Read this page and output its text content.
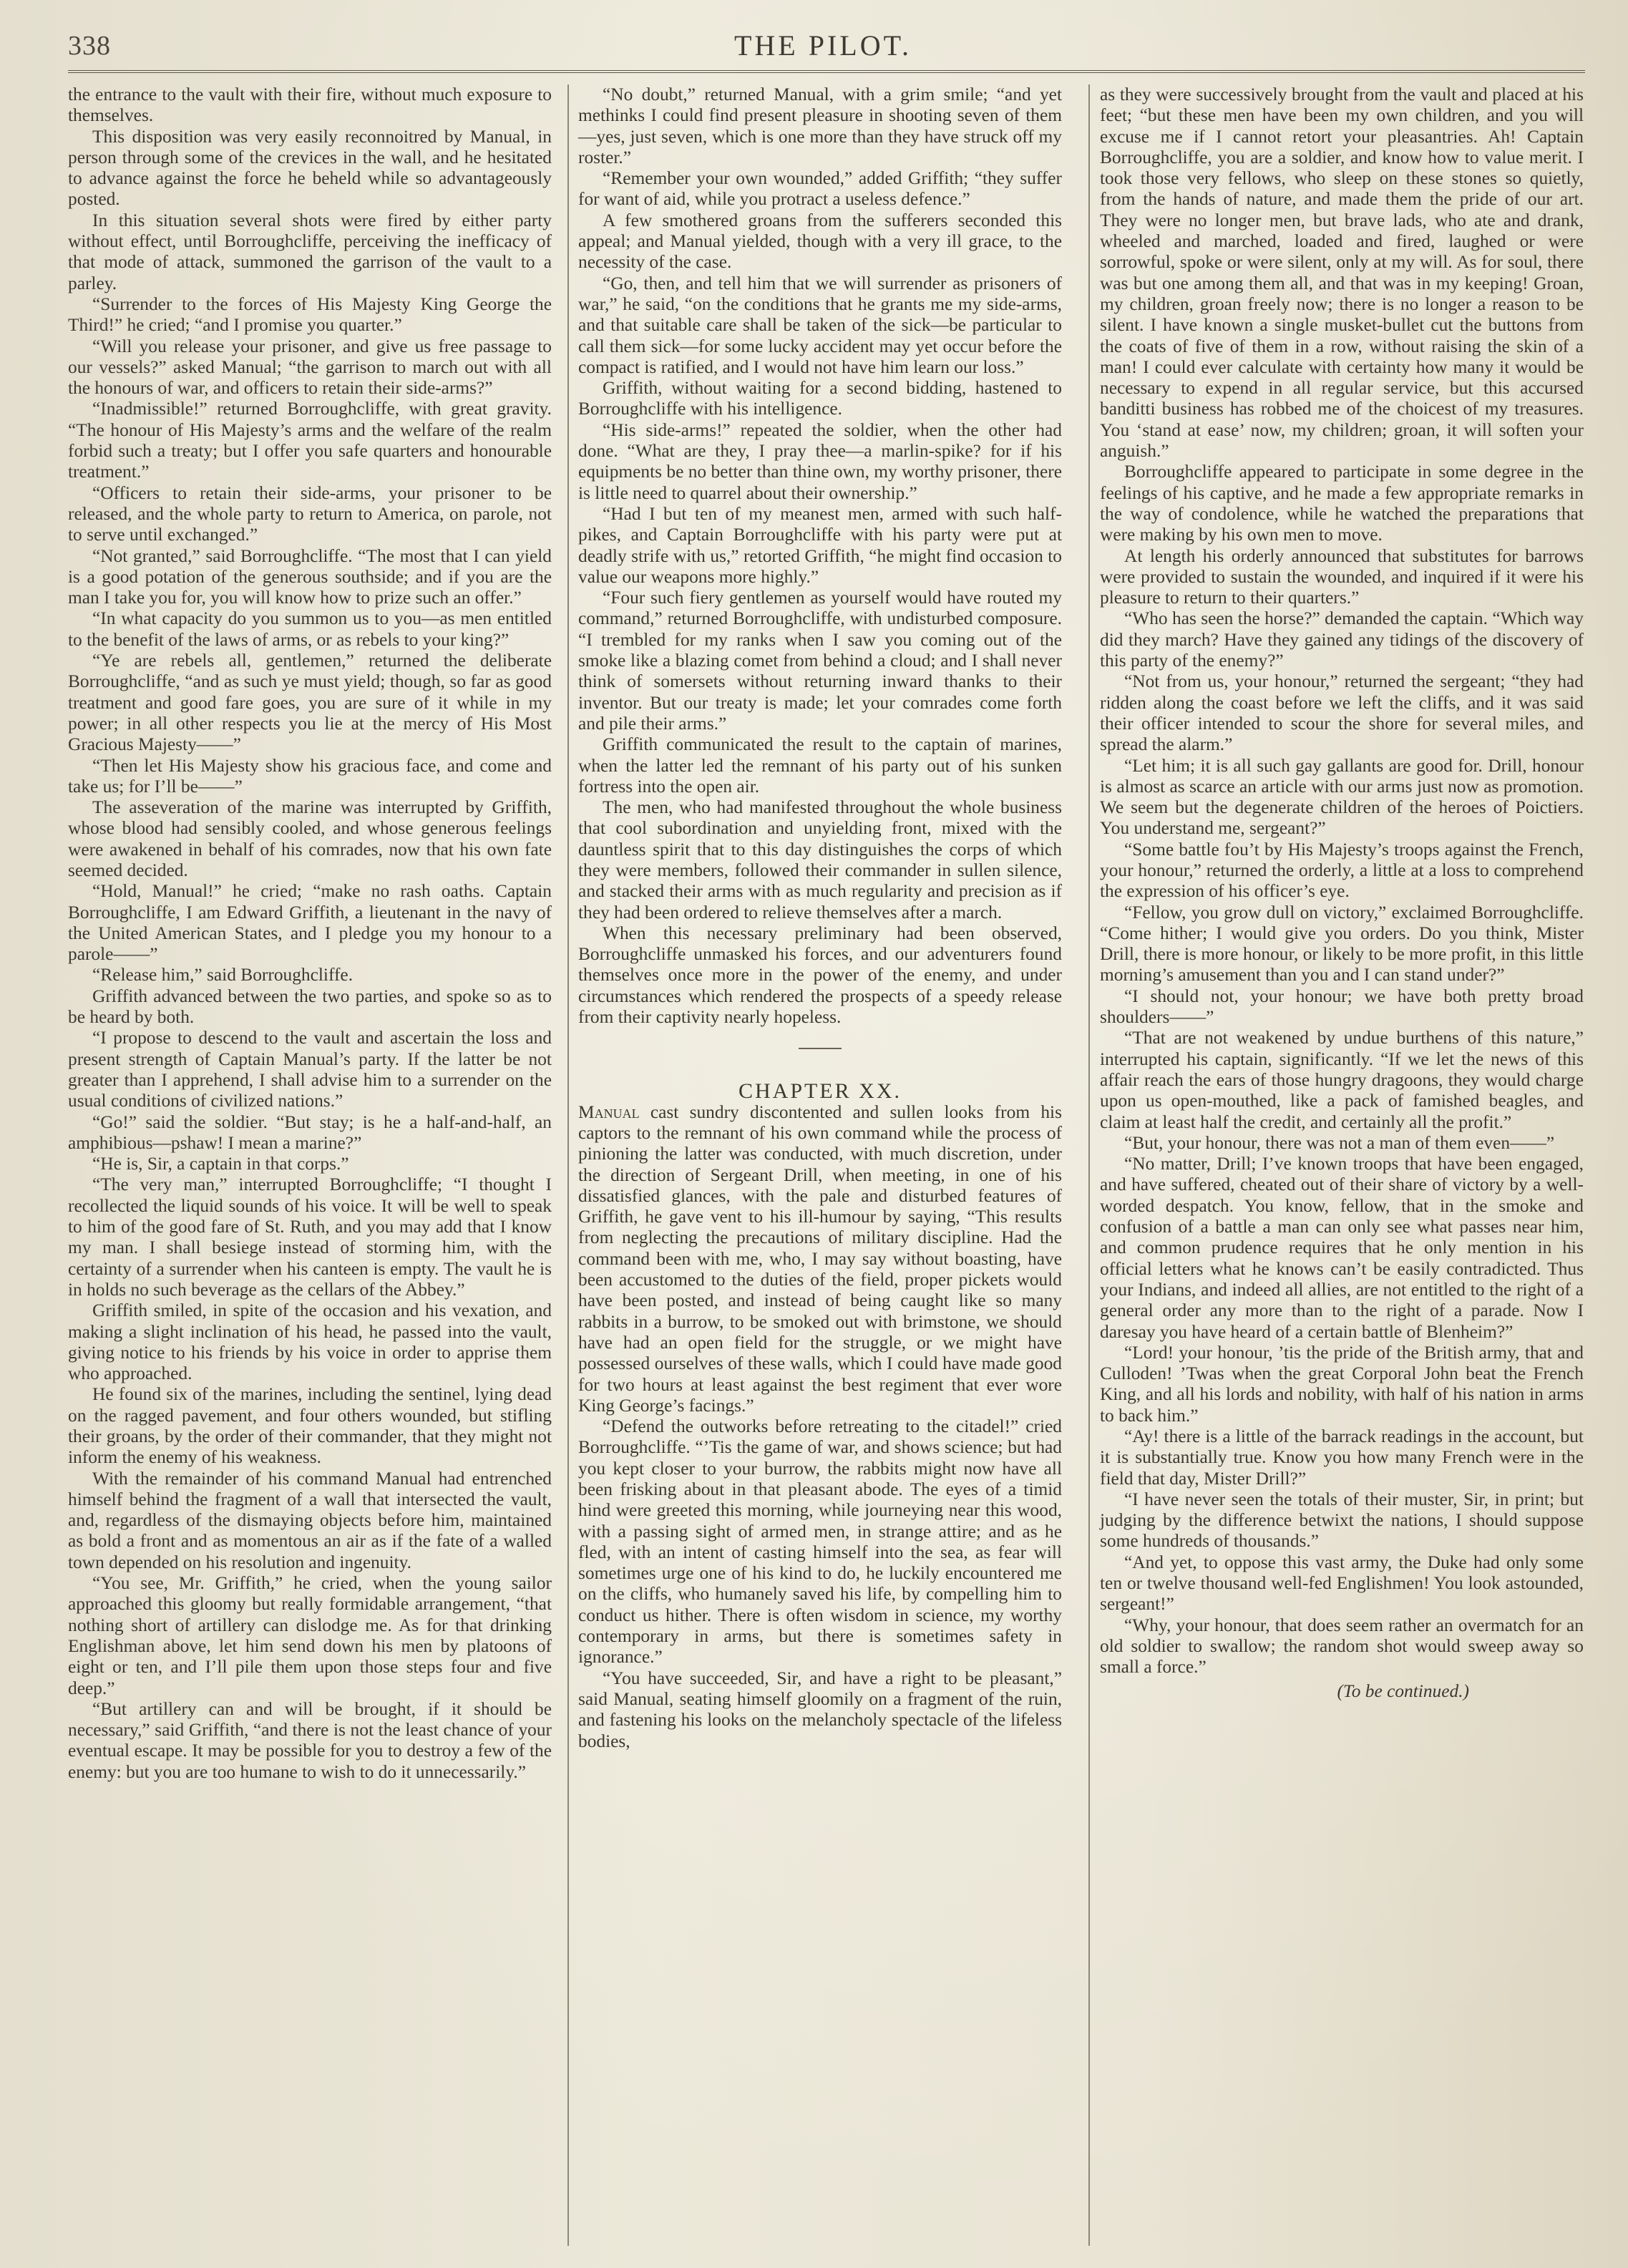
338	THE PILOT.

the entrance to the vault with their fire, without much exposure to themselves.

This disposition was very easily reconnoitred by Manual, in person through some of the crevices in the wall, and he hesitated to advance against the force he beheld while so advantageously posted.

In this situation several shots were fired by either party without effect, until Borroughcliffe, perceiving the inefficacy of that mode of attack, summoned the garrison of the vault to a parley.

“Surrender to the forces of His Majesty King George the Third!” he cried; “and I promise you quarter.”

“Will you release your prisoner, and give us free passage to our vessels?” asked Manual; “the garrison to march out with all the honours of war, and officers to retain their side-arms?”

“Inadmissible!” returned Borroughcliffe, with great gravity. “The honour of His Majesty’s arms and the welfare of the realm forbid such a treaty; but I offer you safe quarters and honourable treatment.”

“Officers to retain their side-arms, your prisoner to be released, and the whole party to return to America, on parole, not to serve until exchanged.”

“Not granted,” said Borroughcliffe. “The most that I can yield is a good potation of the generous southside; and if you are the man I take you for, you will know how to prize such an offer.”

“In what capacity do you summon us to you—as men entitled to the benefit of the laws of arms, or as rebels to your king?”

“Ye are rebels all, gentlemen,” returned the deliberate Borroughcliffe, “and as such ye must yield; though, so far as good treatment and good fare goes, you are sure of it while in my power; in all other respects you lie at the mercy of His Most Gracious Majesty——”

“Then let His Majesty show his gracious face, and come and take us; for I’ll be——”

The asseveration of the marine was interrupted by Griffith, whose blood had sensibly cooled, and whose generous feelings were awakened in behalf of his comrades, now that his own fate seemed decided.

“Hold, Manual!” he cried; “make no rash oaths. Captain Borroughcliffe, I am Edward Griffith, a lieutenant in the navy of the United American States, and I pledge you my honour to a parole——”

“Release him,” said Borroughcliffe.

Griffith advanced between the two parties, and spoke so as to be heard by both.

“I propose to descend to the vault and ascertain the loss and present strength of Captain Manual’s party. If the latter be not greater than I apprehend, I shall advise him to a surrender on the usual conditions of civilized nations.”

“Go!” said the soldier. “But stay; is he a half-and-half, an amphibious—pshaw! I mean a marine?”

“He is, Sir, a captain in that corps.”

“The very man,” interrupted Borroughcliffe; “I thought I recollected the liquid sounds of his voice. It will be well to speak to him of the good fare of St. Ruth, and you may add that I know my man. I shall besiege instead of storming him, with the certainty of a surrender when his canteen is empty. The vault he is in holds no such beverage as the cellars of the Abbey.”

Griffith smiled, in spite of the occasion and his vexation, and making a slight inclination of his head, he passed into the vault, giving notice to his friends by his voice in order to apprise them who approached.

He found six of the marines, including the sentinel, lying dead on the ragged pavement, and four others wounded, but stifling their groans, by the order of their commander, that they might not inform the enemy of his weakness.

With the remainder of his command Manual had entrenched himself behind the fragment of a wall that intersected the vault, and, regardless of the dismaying objects before him, maintained as bold a front and as momentous an air as if the fate of a walled town depended on his resolution and ingenuity.

“You see, Mr. Griffith,” he cried, when the young sailor approached this gloomy but really formidable arrangement, “that nothing short of artillery can dislodge me. As for that drinking Englishman above, let him send down his men by platoons of eight or ten, and I’ll pile them upon those steps four and five deep.”

“But artillery can and will be brought, if it should be necessary,” said Griffith, “and there is not the least chance of your eventual escape. It may be possible for you to destroy a few of the enemy: but you are too humane to wish to do it unnecessarily.”

“No doubt,” returned Manual, with a grim smile; “and yet methinks I could find present pleasure in shooting seven of them—yes, just seven, which is one more than they have struck off my roster.”

“Remember your own wounded,” added Griffith; “they suffer for want of aid, while you protract a useless defence.”

A few smothered groans from the sufferers seconded this appeal; and Manual yielded, though with a very ill grace, to the necessity of the case.

“Go, then, and tell him that we will surrender as prisoners of war,” he said, “on the conditions that he grants me my side-arms, and that suitable care shall be taken of the sick—be particular to call them sick—for some lucky accident may yet occur before the compact is ratified, and I would not have him learn our loss.”

Griffith, without waiting for a second bidding, hastened to Borroughcliffe with his intelligence.

“His side-arms!” repeated the soldier, when the other had done. “What are they, I pray thee—a marlin-spike? for if his equipments be no better than thine own, my worthy prisoner, there is little need to quarrel about their ownership.”

“Had I but ten of my meanest men, armed with such half-pikes, and Captain Borroughcliffe with his party were put at deadly strife with us,” retorted Griffith, “he might find occasion to value our weapons more highly.”

“Four such fiery gentlemen as yourself would have routed my command,” returned Borroughcliffe, with undisturbed composure. “I trembled for my ranks when I saw you coming out of the smoke like a blazing comet from behind a cloud; and I shall never think of somersets without returning inward thanks to their inventor. But our treaty is made; let your comrades come forth and pile their arms.”

Griffith communicated the result to the captain of marines, when the latter led the remnant of his party out of his sunken fortress into the open air.

The men, who had manifested throughout the whole business that cool subordination and unyielding front, mixed with the dauntless spirit that to this day distinguishes the corps of which they were members, followed their commander in sullen silence, and stacked their arms with as much regularity and precision as if they had been ordered to relieve themselves after a march.

When this necessary preliminary had been observed, Borroughcliffe unmasked his forces, and our adventurers found themselves once more in the power of the enemy, and under circumstances which rendered the prospects of a speedy release from their captivity nearly hopeless.

CHAPTER XX.

Manual cast sundry discontented and sullen looks from his captors to the remnant of his own command while the process of pinioning the latter was conducted, with much discretion, under the direction of Sergeant Drill, when meeting, in one of his dissatisfied glances, with the pale and disturbed features of Griffith, he gave vent to his ill-humour by saying, “This results from neglecting the precautions of military discipline. Had the command been with me, who, I may say without boasting, have been accustomed to the duties of the field, proper pickets would have been posted, and instead of being caught like so many rabbits in a burrow, to be smoked out with brimstone, we should have had an open field for the struggle, or we might have possessed ourselves of these walls, which I could have made good for two hours at least against the best regiment that ever wore King George’s facings.”

“Defend the outworks before retreating to the citadel!” cried Borroughcliffe. “’Tis the game of war, and shows science; but had you kept closer to your burrow, the rabbits might now have all been frisking about in that pleasant abode. The eyes of a timid hind were greeted this morning, while journeying near this wood, with a passing sight of armed men, in strange attire; and as he fled, with an intent of casting himself into the sea, as fear will sometimes urge one of his kind to do, he luckily encountered me on the cliffs, who humanely saved his life, by compelling him to conduct us hither. There is often wisdom in science, my worthy contemporary in arms, but there is sometimes safety in ignorance.”

“You have succeeded, Sir, and have a right to be pleasant,” said Manual, seating himself gloomily on a fragment of the ruin, and fastening his looks on the melancholy spectacle of the lifeless bodies,

as they were successively brought from the vault and placed at his feet; “but these men have been my own children, and you will excuse me if I cannot retort your pleasantries. Ah! Captain Borroughcliffe, you are a soldier, and know how to value merit. I took those very fellows, who sleep on these stones so quietly, from the hands of nature, and made them the pride of our art. They were no longer men, but brave lads, who ate and drank, wheeled and marched, loaded and fired, laughed or were sorrowful, spoke or were silent, only at my will. As for soul, there was but one among them all, and that was in my keeping! Groan, my children, groan freely now; there is no longer a reason to be silent. I have known a single musket-bullet cut the buttons from the coats of five of them in a row, without raising the skin of a man! I could ever calculate with certainty how many it would be necessary to expend in all regular service, but this accursed banditti business has robbed me of the choicest of my treasures. You ‘stand at ease’ now, my children; groan, it will soften your anguish.”

Borroughcliffe appeared to participate in some degree in the feelings of his captive, and he made a few appropriate remarks in the way of condolence, while he watched the preparations that were making by his own men to move.

At length his orderly announced that substitutes for barrows were provided to sustain the wounded, and inquired if it were his pleasure to return to their quarters.”

“Who has seen the horse?” demanded the captain. “Which way did they march? Have they gained any tidings of the discovery of this party of the enemy?”

“Not from us, your honour,” returned the sergeant; “they had ridden along the coast before we left the cliffs, and it was said their officer intended to scour the shore for several miles, and spread the alarm.”

“Let him; it is all such gay gallants are good for. Drill, honour is almost as scarce an article with our arms just now as promotion. We seem but the degenerate children of the heroes of Poictiers. You understand me, sergeant?”

“Some battle fou’t by His Majesty’s troops against the French, your honour,” returned the orderly, a little at a loss to comprehend the expression of his officer’s eye.

“Fellow, you grow dull on victory,” exclaimed Borroughcliffe. “Come hither; I would give you orders. Do you think, Mister Drill, there is more honour, or likely to be more profit, in this little morning’s amusement than you and I can stand under?”

“I should not, your honour; we have both pretty broad shoulders——”

“That are not weakened by undue burthens of this nature,” interrupted his captain, significantly. “If we let the news of this affair reach the ears of those hungry dragoons, they would charge upon us open-mouthed, like a pack of famished beagles, and claim at least half the credit, and certainly all the profit.”

“But, your honour, there was not a man of them even——”

“No matter, Drill; I’ve known troops that have been engaged, and have suffered, cheated out of their share of victory by a well-worded despatch. You know, fellow, that in the smoke and confusion of a battle a man can only see what passes near him, and common prudence requires that he only mention in his official letters what he knows can’t be easily contradicted. Thus your Indians, and indeed all allies, are not entitled to the right of a general order any more than to the right of a parade. Now I daresay you have heard of a certain battle of Blenheim?”

“Lord! your honour, ’tis the pride of the British army, that and Culloden! ’Twas when the great Corporal John beat the French King, and all his lords and nobility, with half of his nation in arms to back him.”

“Ay! there is a little of the barrack readings in the account, but it is substantially true. Know you how many French were in the field that day, Mister Drill?”

“I have never seen the totals of their muster, Sir, in print; but judging by the difference betwixt the nations, I should suppose some hundreds of thousands.”

“And yet, to oppose this vast army, the Duke had only some ten or twelve thousand well-fed Englishmen! You look astounded, sergeant!”

“Why, your honour, that does seem rather an overmatch for an old soldier to swallow; the random shot would sweep away so small a force.”

(To be continued.)
